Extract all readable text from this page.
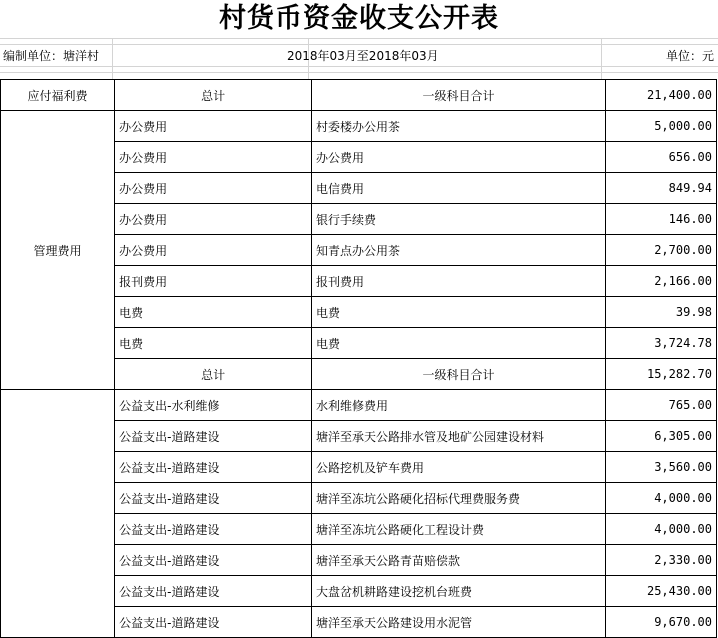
村货币资金收支公开表
编制单位：塘洋村	2018年03月至2018年03月	单位：元
应付福利费	总计	一级科目合计	21,400.00
管理费用	办公费用	村委楼办公用茶	5,000.00
	办公费用	办公费用	656.00
	办公费用	电信费用	849.94
	办公费用	银行手续费	146.00
	办公费用	知青点办公用茶	2,700.00
	报刊费用	报刊费用	2,166.00
	电费	电费	39.98
	电费	电费	3,724.78
	总计	一级科目合计	15,282.70
	公益支出-水利维修	水利维修费用	765.00
	公益支出-道路建设	塘洋至承天公路排水管及地矿公园建设材料	6,305.00
	公益支出-道路建设	公路挖机及铲车费用	3,560.00
	公益支出-道路建设	塘洋至冻坑公路硬化招标代理费服务费	4,000.00
	公益支出-道路建设	塘洋至冻坑公路硬化工程设计费	4,000.00
	公益支出-道路建设	塘洋至承天公路青苗赔偿款	2,330.00
	公益支出-道路建设	大盘岔机耕路建设挖机台班费	25,430.00
	公益支出-道路建设	塘洋至承天公路建设用水泥管	9,670.00
